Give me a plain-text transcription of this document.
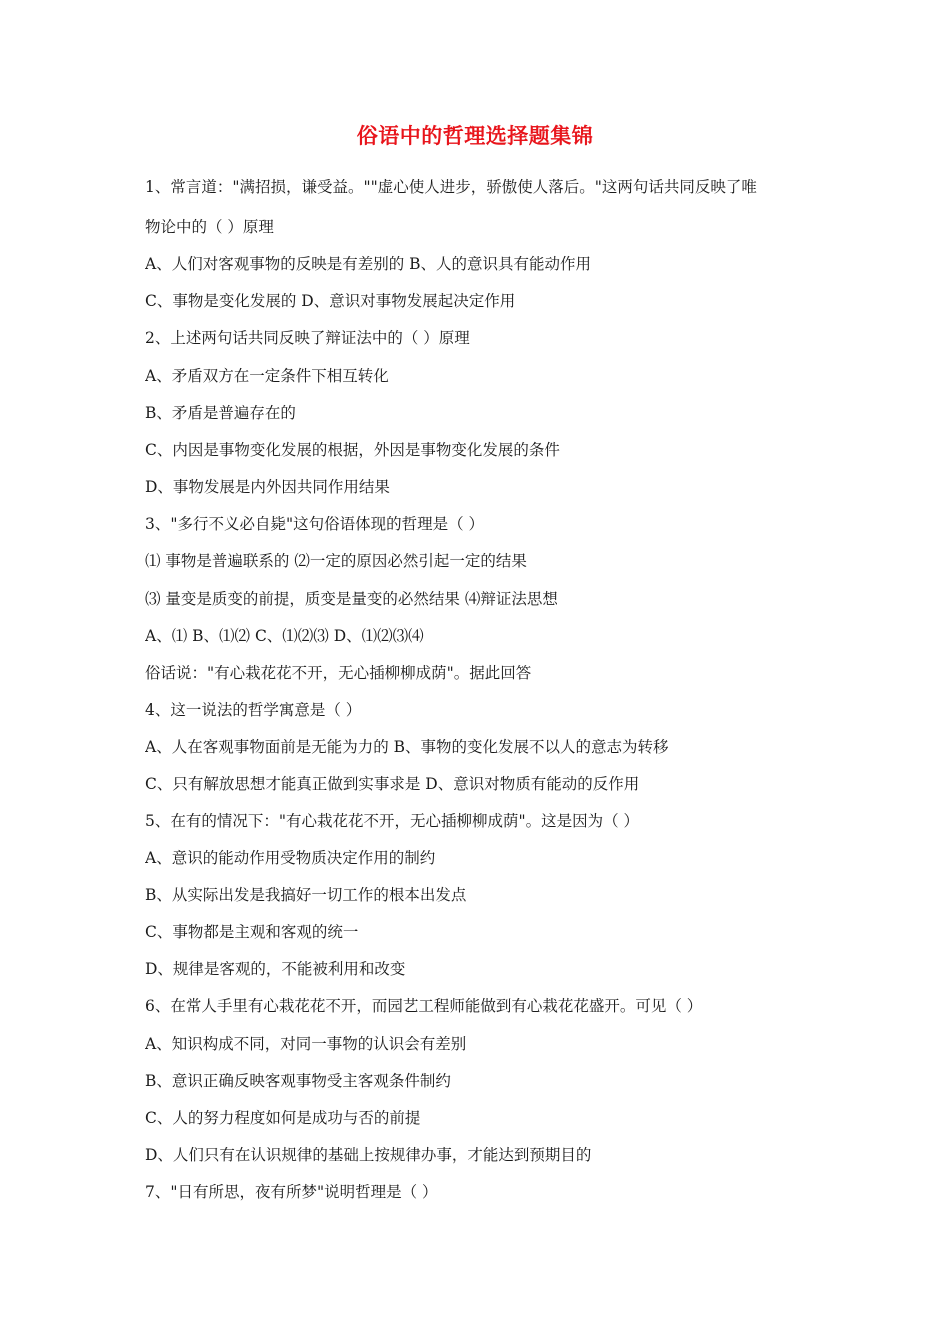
俗语中的哲理选择题集锦
1、常言道："满招损，谦受益。""虚心使人进步，骄傲使人落后。"这两句话共同反映了唯
物论中的（ ）原理
A、人们对客观事物的反映是有差别的 B、人的意识具有能动作用
C、事物是变化发展的 D、意识对事物发展起决定作用
2、上述两句话共同反映了辩证法中的（ ）原理
A、矛盾双方在一定条件下相互转化
B、矛盾是普遍存在的
C、内因是事物变化发展的根据，外因是事物变化发展的条件
D、事物发展是内外因共同作用结果
3、"多行不义必自毙"这句俗语体现的哲理是（ ）
⑴ 事物是普遍联系的 ⑵一定的原因必然引起一定的结果
⑶ 量变是质变的前提，质变是量变的必然结果 ⑷辩证法思想
A、⑴ B、⑴⑵ C、⑴⑵⑶ D、⑴⑵⑶⑷
俗话说："有心栽花花不开，无心插柳柳成荫"。据此回答
4、这一说法的哲学寓意是（ ）
A、人在客观事物面前是无能为力的 B、事物的变化发展不以人的意志为转移
C、只有解放思想才能真正做到实事求是 D、意识对物质有能动的反作用
5、在有的情况下："有心栽花花不开，无心插柳柳成荫"。这是因为（ ）
A、意识的能动作用受物质决定作用的制约
B、从实际出发是我搞好一切工作的根本出发点
C、事物都是主观和客观的统一
D、规律是客观的，不能被利用和改变
6、在常人手里有心栽花花不开，而园艺工程师能做到有心栽花花盛开。可见（ ）
A、知识构成不同，对同一事物的认识会有差别
B、意识正确反映客观事物受主客观条件制约
C、人的努力程度如何是成功与否的前提
D、人们只有在认识规律的基础上按规律办事，才能达到预期目的
7、"日有所思，夜有所梦"说明哲理是（ ）
